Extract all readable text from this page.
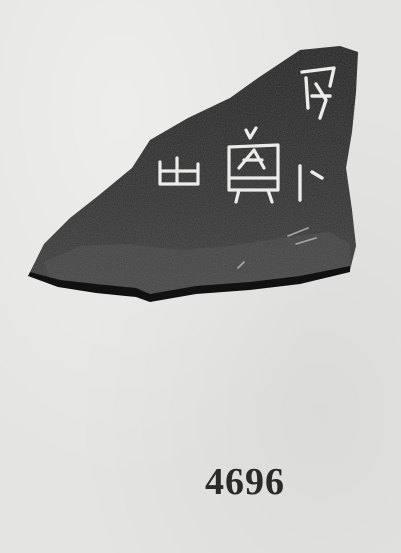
4696
